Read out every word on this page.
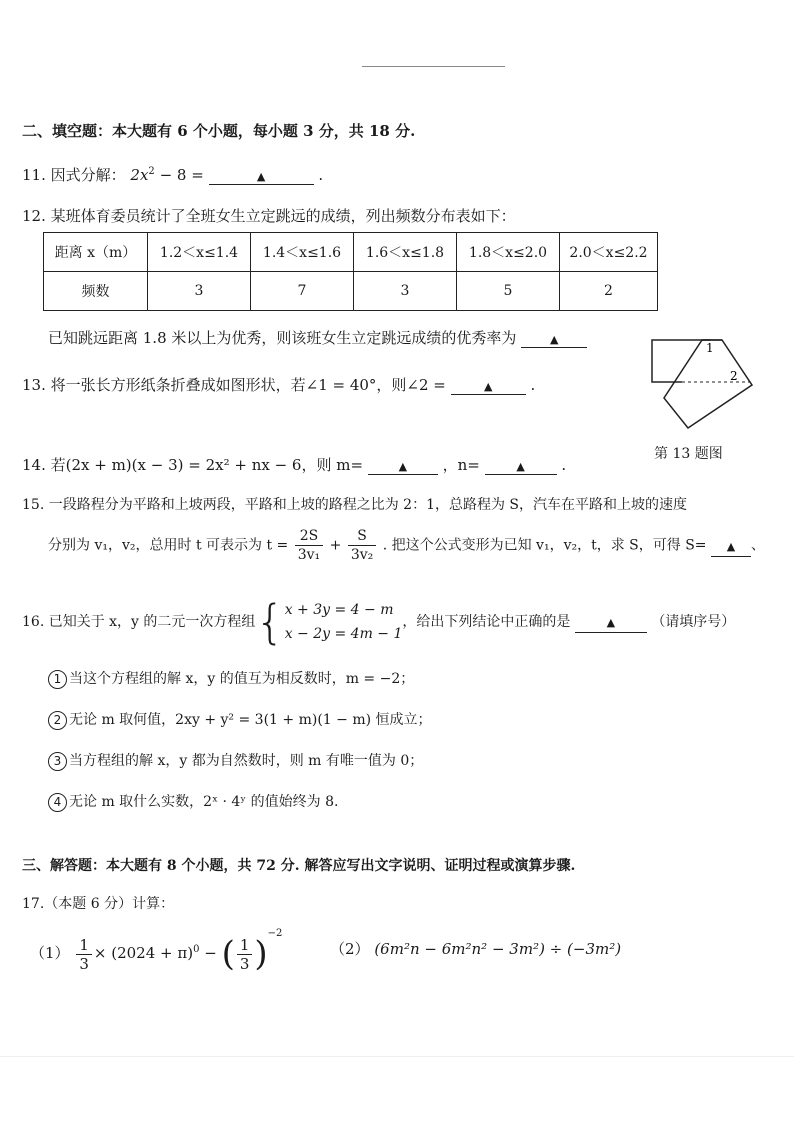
二、填空题：本大题有 6 个小题，每小题 3 分，共 18 分.
11. 因式分解： $2x^2 - 8$ =	▲	.
12. 某班体育委员统计了全班女生立定跳远的成绩，列出频数分布表如下：
距离 x（m）	1.2＜x≤1.4	1.4＜x≤1.6	1.6＜x≤1.8	1.8＜x≤2.0	2.0＜x≤2.2
频数	3	7	3	5	2
已知跳远距离 1.8 米以上为优秀，则该班女生立定跳远成绩的优秀率为	▲
13. 将一张长方形纸条折叠成如图形状，若∠1 = 40°，则∠2 =	▲	.
1
2
第 13 题图
14. 若(2x + m)(x − 3) = 2x² + nx − 6，则 m=	▲ ，n=	▲ .
15. 一段路程分为平路和上坡两段，平路和上坡的路程之比为 2：1，总路程为 S，汽车在平路和上坡的速度
分别为 v₁，v₂，总用时 t 可表示为 $t = \frac{2S}{\text{3v₁}} + \frac{S}{\text{3v₂}}$ . 把这个公式变形为已知 v₁，v₂，t，求 S，可得 S= ▲ 、
16. 已知关于 x，y 的二元一次方程组{ x + 3y = 4 − m
x − 2y = 4m − 1
，给出下列结论中正确的是	▲	（请填序号）
1 当这个方程组的解 x，y 的值互为相反数时，m = −2；
2 无论 m 取何值，2xy + y² = 3(1 + m)(1 − m) 恒成立；
3 当方程组的解 x，y 都为自然数时，则 m 有唯一值为 0；
4 无论 m 取什么实数，2ˣ · 4ʸ 的值始终为 8.
三、解答题：本大题有 8 个小题，共 72 分. 解答应写出文字说明、证明过程或演算步骤.
17.（本题 6 分）计算：
$(1) \frac{1}{3} \times (2024 + \pi)^0$ − ( $\frac{1}{3} )^{-2}$
（2） (6m²n − 6m²n² − 3m²) ÷ (−3m²)
